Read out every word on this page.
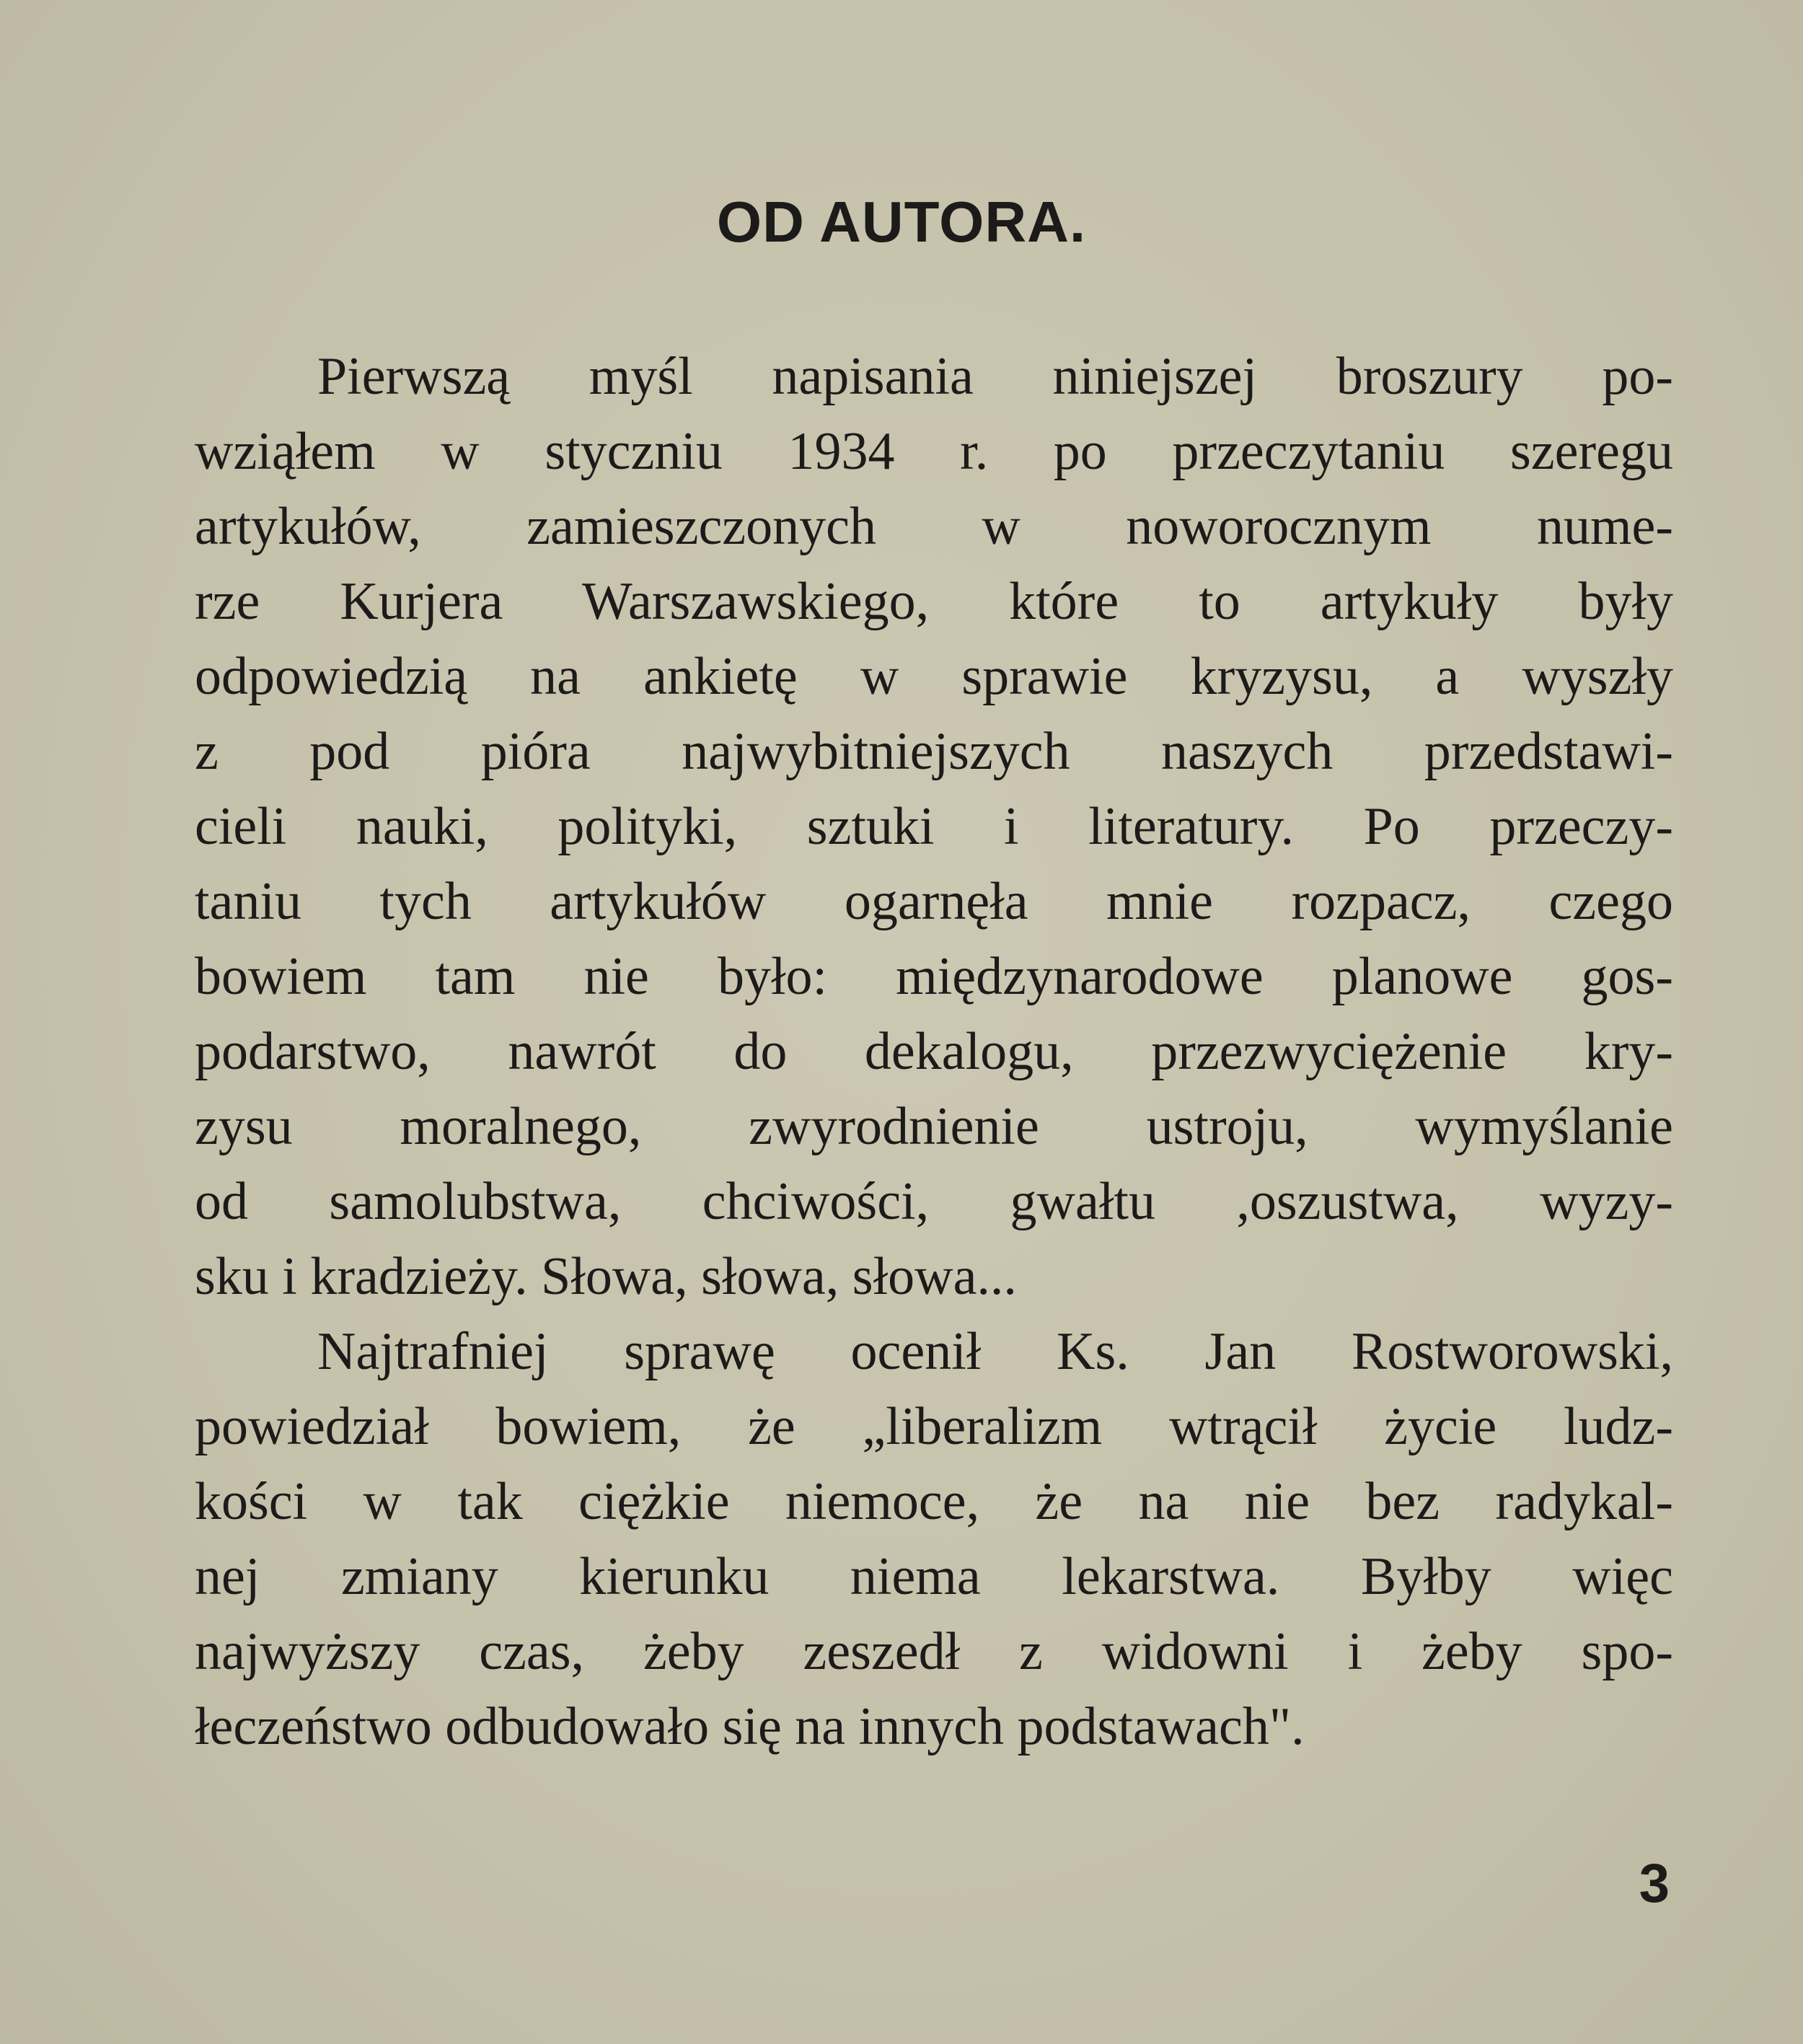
OD AUTORA.
Pierwszą myśl napisania niniejszej broszury po-
wziąłem w styczniu 1934 r. po przeczytaniu szeregu
artykułów, zamieszczonych w noworocznym nume-
rze Kurjera Warszawskiego, które to artykuły były
odpowiedzią na ankietę w sprawie kryzysu, a wyszły
z pod pióra najwybitniejszych naszych przedstawi-
cieli nauki, polityki, sztuki i literatury. Po przeczy-
taniu tych artykułów ogarnęła mnie rozpacz, czego
bowiem tam nie było: międzynarodowe planowe gos-
podarstwo, nawrót do dekalogu, przezwyciężenie kry-
zysu moralnego, zwyrodnienie ustroju, wymyślanie
od samolubstwa, chciwości, gwałtu ,oszustwa, wyzy-
sku i kradzieży. Słowa, słowa, słowa...
Najtrafniej sprawę ocenił Ks. Jan Rostworowski,
powiedział bowiem, że „liberalizm wtrącił życie ludz-
kości w tak ciężkie niemoce, że na nie bez radykal-
nej zmiany kierunku niema lekarstwa. Byłby więc
najwyższy czas, żeby zeszedł z widowni i żeby spo-
łeczeństwo odbudowało się na innych podstawach".
3
